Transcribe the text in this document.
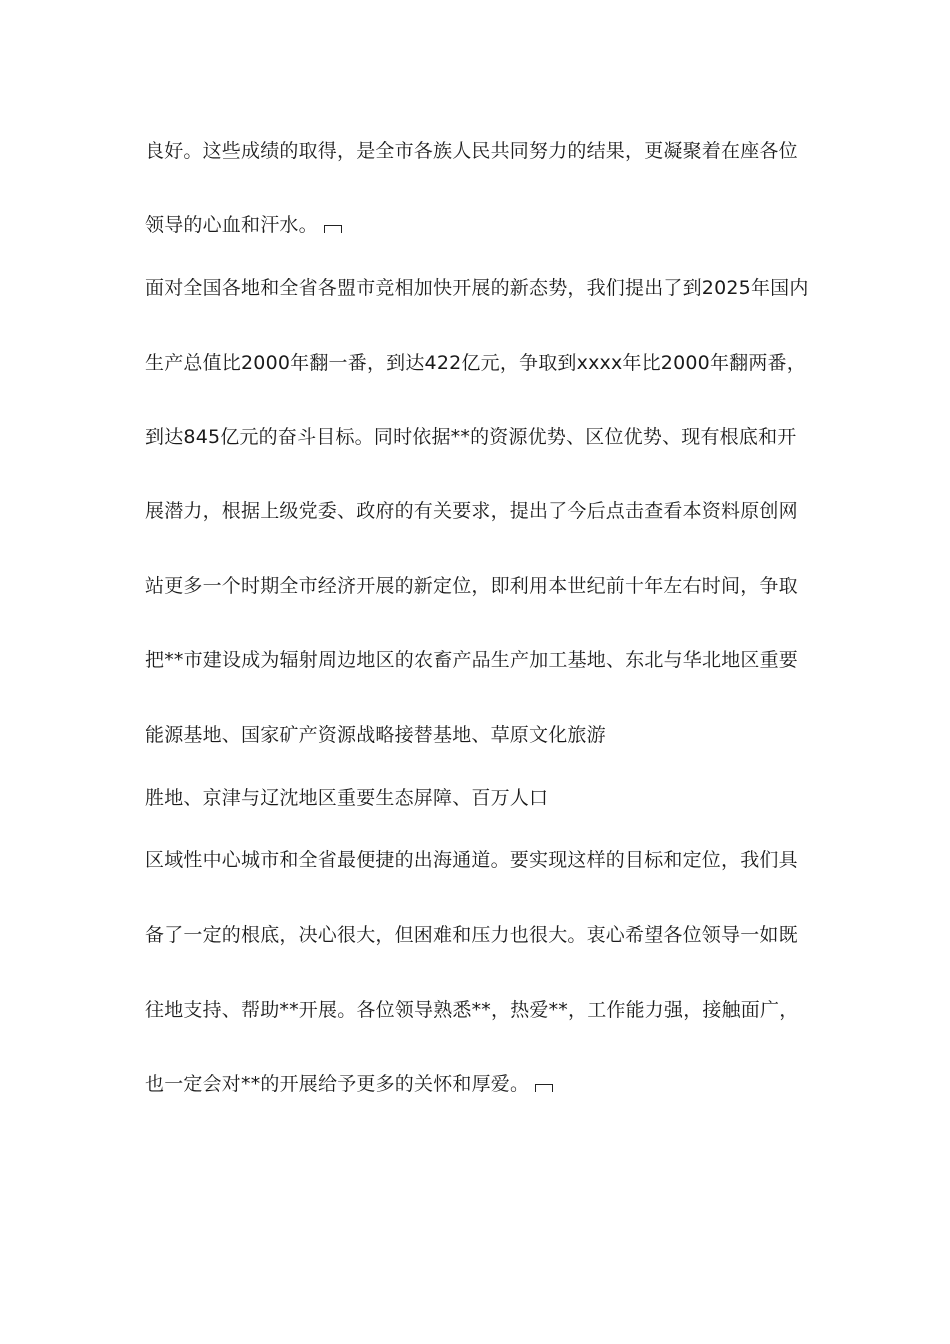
良好。这些成绩的取得，是全市各族人民共同努力的结果，更凝聚着在座各位
领导的心血和汗水。
面对全国各地和全省各盟市竞相加快开展的新态势，我们提出了到2025年国内
生产总值比2000年翻一番，到达422亿元，争取到xxxx年比2000年翻两番，
到达845亿元的奋斗目标。同时依据**的资源优势、区位优势、现有根底和开
展潜力，根据上级党委、政府的有关要求，提出了今后点击查看本资料原创网
站更多一个时期全市经济开展的新定位，即利用本世纪前十年左右时间，争取
把**市建设成为辐射周边地区的农畜产品生产加工基地、东北与华北地区重要
能源基地、国家矿产资源战略接替基地、草原文化旅游
胜地、京津与辽沈地区重要生态屏障、百万人口
区域性中心城市和全省最便捷的出海通道。要实现这样的目标和定位，我们具
备了一定的根底，决心很大，但困难和压力也很大。衷心希望各位领导一如既
往地支持、帮助**开展。各位领导熟悉**，热爱**，工作能力强，接触面广，
也一定会对**的开展给予更多的关怀和厚爱。
